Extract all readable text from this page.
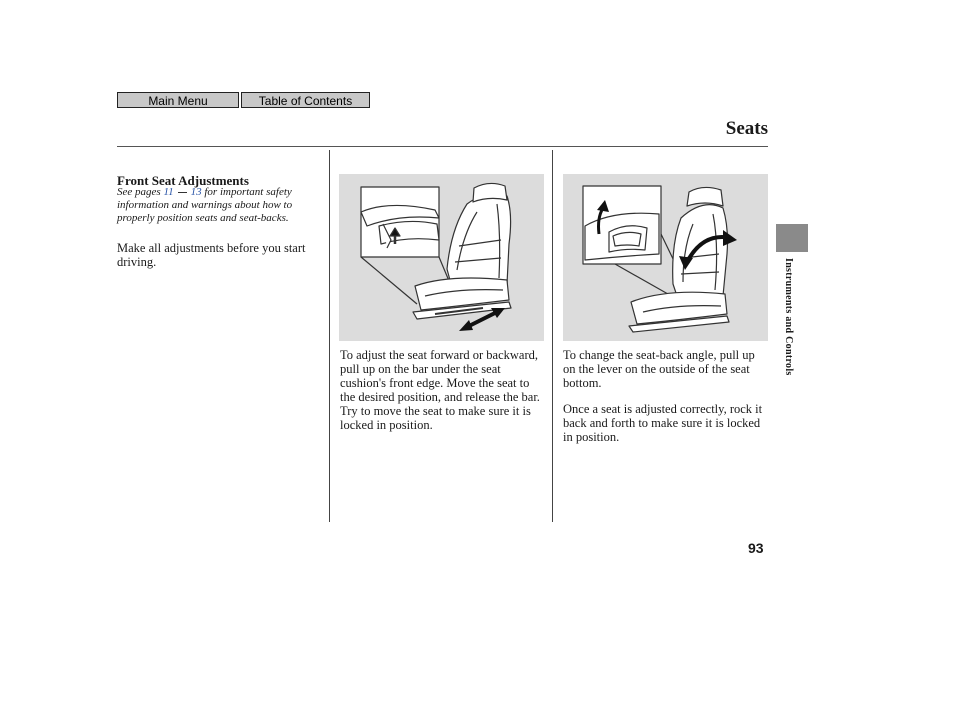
Main Menu	Table of Contents
Seats
Instruments and Controls
Front Seat Adjustments
See pages 11 13 for important safety information and warnings about how to properly position seats and seat-backs.
Make all adjustments before you start driving.
To adjust the seat forward or backward, pull up on the bar under the seat cushion's front edge. Move the seat to the desired position, and release the bar. Try to move the seat to make sure it is locked in position.
To change the seat-back angle, pull up on the lever on the outside of the seat bottom.
Once a seat is adjusted correctly, rock it back and forth to make sure it is locked in position.
93
